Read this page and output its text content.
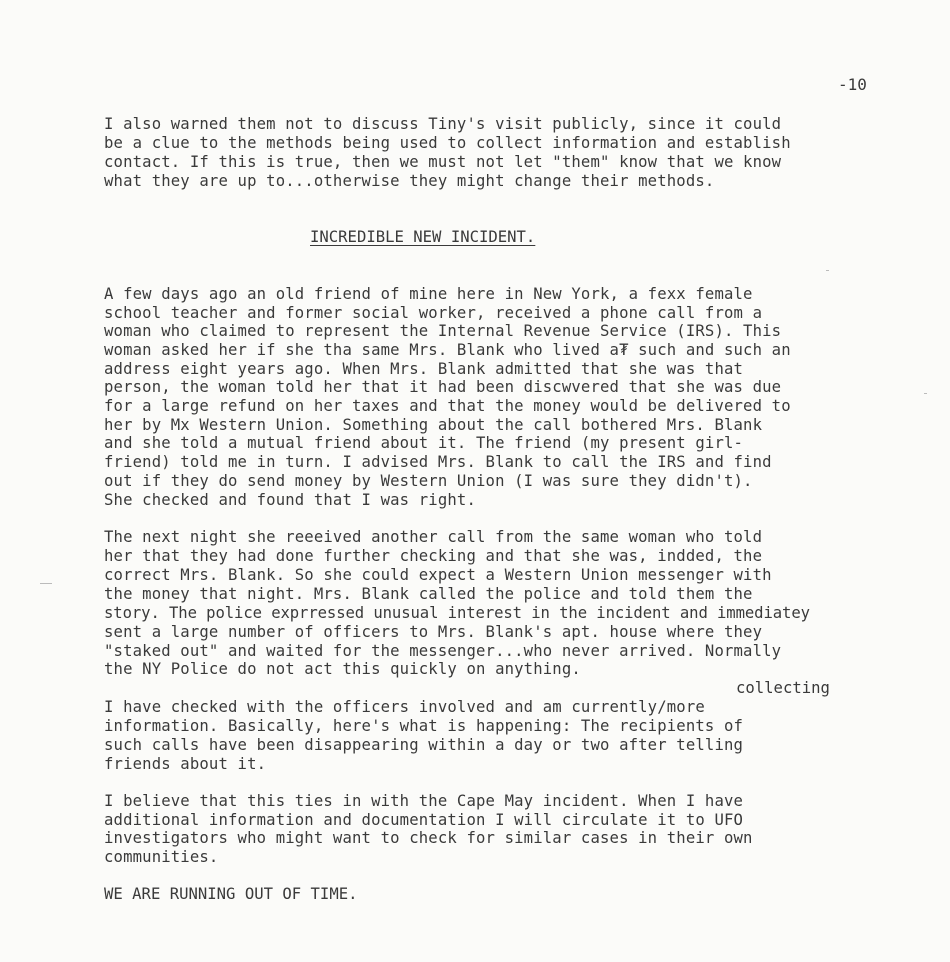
-10
I also warned them not to discuss Tiny's visit publicly, since it could
be a clue to the methods being used to collect information and establish
contact. If this is true, then we must not let "them" know that we know
what they are up to...otherwise they might change their methods.
INCREDIBLE NEW INCIDENT.
A few days ago an old friend of mine here in New York, a fexx female
school teacher and former social worker, received a phone call from a
woman who claimed to represent the Internal Revenue Service (IRS). This
woman asked her if she tha same Mrs. Blank who lived a₮ such and such an
address eight years ago. When Mrs. Blank admitted that she was that
person, the woman told her that it had been discwvered that she was due
for a large refund on her taxes and that the money would be delivered to
her by Mx Western Union. Something about the call bothered Mrs. Blank
and she told a mutual friend about it. The friend (my present girl-
friend) told me in turn. I advised Mrs. Blank to call the IRS and find
out if they do send money by Western Union (I was sure they didn't).
She checked and found that I was right.
The next night she reeeived another call from the same woman who told
her that they had done further checking and that she was, indded, the
correct Mrs. Blank. So she could expect a Western Union messenger with
the money that night. Mrs. Blank called the police and told them the
story. The police exprressed unusual interest in the incident and immediatey
sent a large number of officers to Mrs. Blank's apt. house where they
"staked out" and waited for the messenger...who never arrived. Normally
the NY Police do not act this quickly on anything.
collecting
I have checked with the officers involved and am currently/more
information. Basically, here's what is happening: The recipients of
such calls have been disappearing within a day or two after telling
friends about it.
I believe that this ties in with the Cape May incident. When I have
additional information and documentation I will circulate it to UFO
investigators who might want to check for similar cases in their own
communities.
WE ARE RUNNING OUT OF TIME.
